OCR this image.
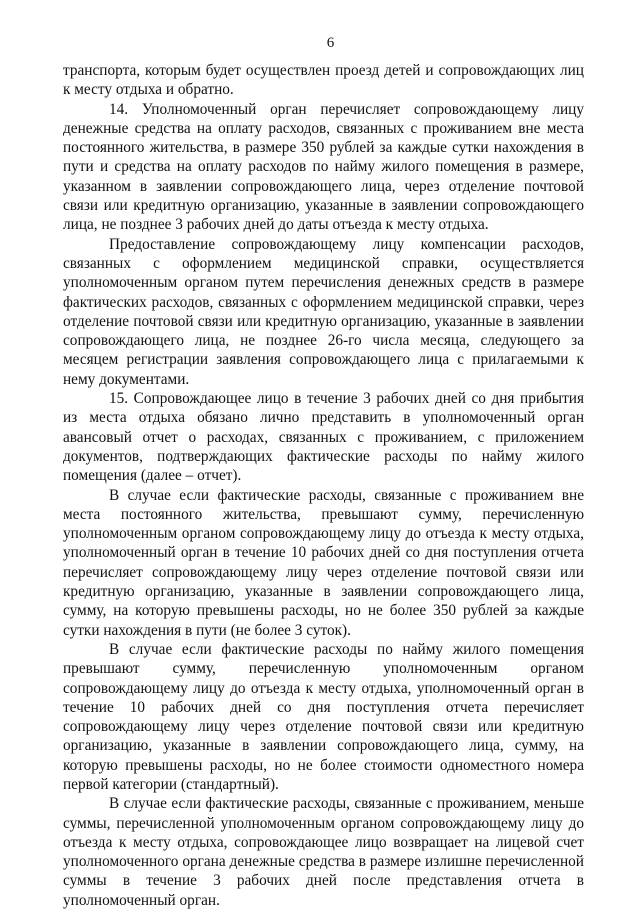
6

транспорта, которым будет осуществлен проезд детей и сопровождающих лиц к месту отдыха и обратно.

14. Уполномоченный орган перечисляет сопровождающему лицу денежные средства на оплату расходов, связанных с проживанием вне места постоянного жительства, в размере 350 рублей за каждые сутки нахождения в пути и средства на оплату расходов по найму жилого помещения в размере, указанном в заявлении сопровождающего лица, через отделение почтовой связи или кредитную организацию, указанные в заявлении сопровождающего лица, не позднее 3 рабочих дней до даты отъезда к месту отдыха.

Предоставление сопровождающему лицу компенсации расходов, связанных с оформлением медицинской справки, осуществляется уполномоченным органом путем перечисления денежных средств в размере фактических расходов, связанных с оформлением медицинской справки, через отделение почтовой связи или кредитную организацию, указанные в заявлении сопровождающего лица, не позднее 26-го числа месяца, следующего за месяцем регистрации заявления сопровождающего лица с прилагаемыми к нему документами.

15. Сопровождающее лицо в течение 3 рабочих дней со дня прибытия из места отдыха обязано лично представить в уполномоченный орган авансовый отчет о расходах, связанных с проживанием, с приложением документов, подтверждающих фактические расходы по найму жилого помещения (далее – отчет).

В случае если фактические расходы, связанные с проживанием вне места постоянного жительства, превышают сумму, перечисленную уполномоченным органом сопровождающему лицу до отъезда к месту отдыха, уполномоченный орган в течение 10 рабочих дней со дня поступления отчета перечисляет сопровождающему лицу через отделение почтовой связи или кредитную организацию, указанные в заявлении сопровождающего лица, сумму, на которую превышены расходы, но не более 350 рублей за каждые сутки нахождения в пути (не более 3 суток).

В случае если фактические расходы по найму жилого помещения превышают сумму, перечисленную уполномоченным органом сопровождающему лицу до отъезда к месту отдыха, уполномоченный орган в течение 10 рабочих дней со дня поступления отчета перечисляет сопровождающему лицу через отделение почтовой связи или кредитную организацию, указанные в заявлении сопровождающего лица, сумму, на которую превышены расходы, но не более стоимости одноместного номера первой категории (стандартный).

В случае если фактические расходы, связанные с проживанием, меньше суммы, перечисленной уполномоченным органом сопровождающему лицу до отъезда к месту отдыха, сопровождающее лицо возвращает на лицевой счет уполномоченного органа денежные средства в размере излишне перечисленной суммы в течение 3 рабочих дней после представления отчета в уполномоченный орган.
